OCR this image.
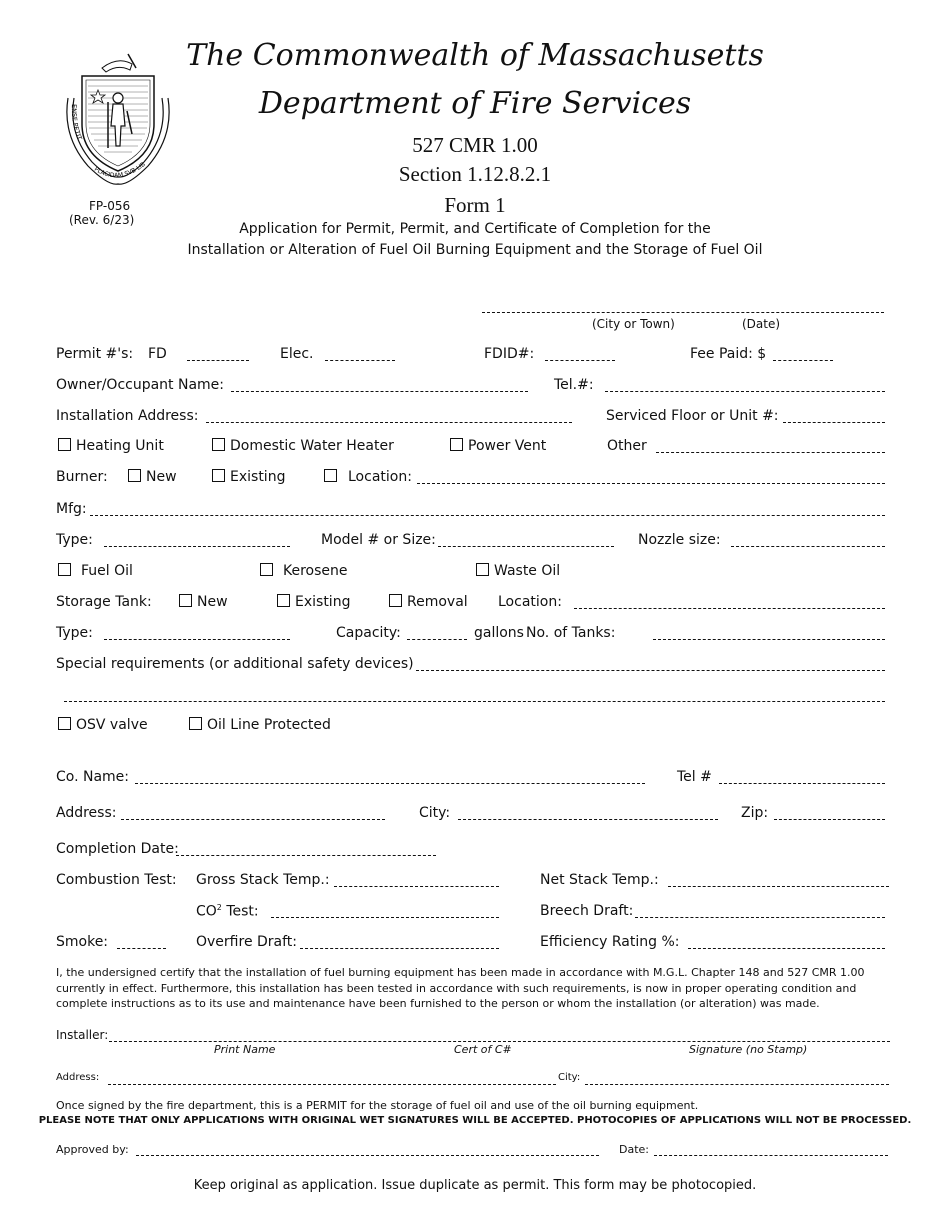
ENSE PETIT
PLACIDAM SVB LIB
FP-056
(Rev. 6/23)
The Commonwealth of Massachusetts
Department of Fire Services
527 CMR 1.00
Section 1.12.8.2.1
Form 1
Application for Permit, Permit, and Certificate of Completion for the
Installation or Alteration of Fuel Oil Burning Equipment and the Storage of Fuel Oil
(City or Town)	(Date)
Permit #'s: FD	Elec.	FDID#:	Fee Paid: $
Owner/Occupant Name:	Tel.#:
Installation Address:	Serviced Floor or Unit #:
Heating Unit	Domestic Water Heater	Power Vent	Other
Burner:	New	Existing	Location:
Mfg:
Type:	Model # or Size:	Nozzle size:
Fuel Oil	Kerosene	Waste Oil
Storage Tank:	New	Existing	Removal Location:
Type:	Capacity:	gallons No. of Tanks:
Special requirements (or additional safety devices)
OSV valve	Oil Line Protected
Co. Name:	Tel #
Address:	City:	Zip:
Completion Date:
Combustion Test: Gross Stack Temp.:	Net Stack Temp.:
$CO^2$ Test:	Breech Draft:
Smoke:	Overfire Draft:	Efficiency Rating %:
I, the undersigned certify that the installation of fuel burning equipment has been made in accordance with M.G.L. Chapter 148 and 527 CMR 1.00
currently in effect. Furthermore, this installation has been tested in accordance with such requirements, is now in proper operating condition and
complete instructions as to its use and maintenance have been furnished to the person or whom the installation (or alteration) was made.
Installer:
Print Name	Cert of C#	Signature (no Stamp)
Address:	City:
Once signed by the fire department, this is a PERMIT for the storage of fuel oil and use of the oil burning equipment.
PLEASE NOTE THAT ONLY APPLICATIONS WITH ORIGINAL WET SIGNATURES WILL BE ACCEPTED. PHOTOCOPIES OF APPLICATIONS WILL NOT BE PROCESSED.
Approved by:	Date:
Keep original as application. Issue duplicate as permit. This form may be photocopied.
